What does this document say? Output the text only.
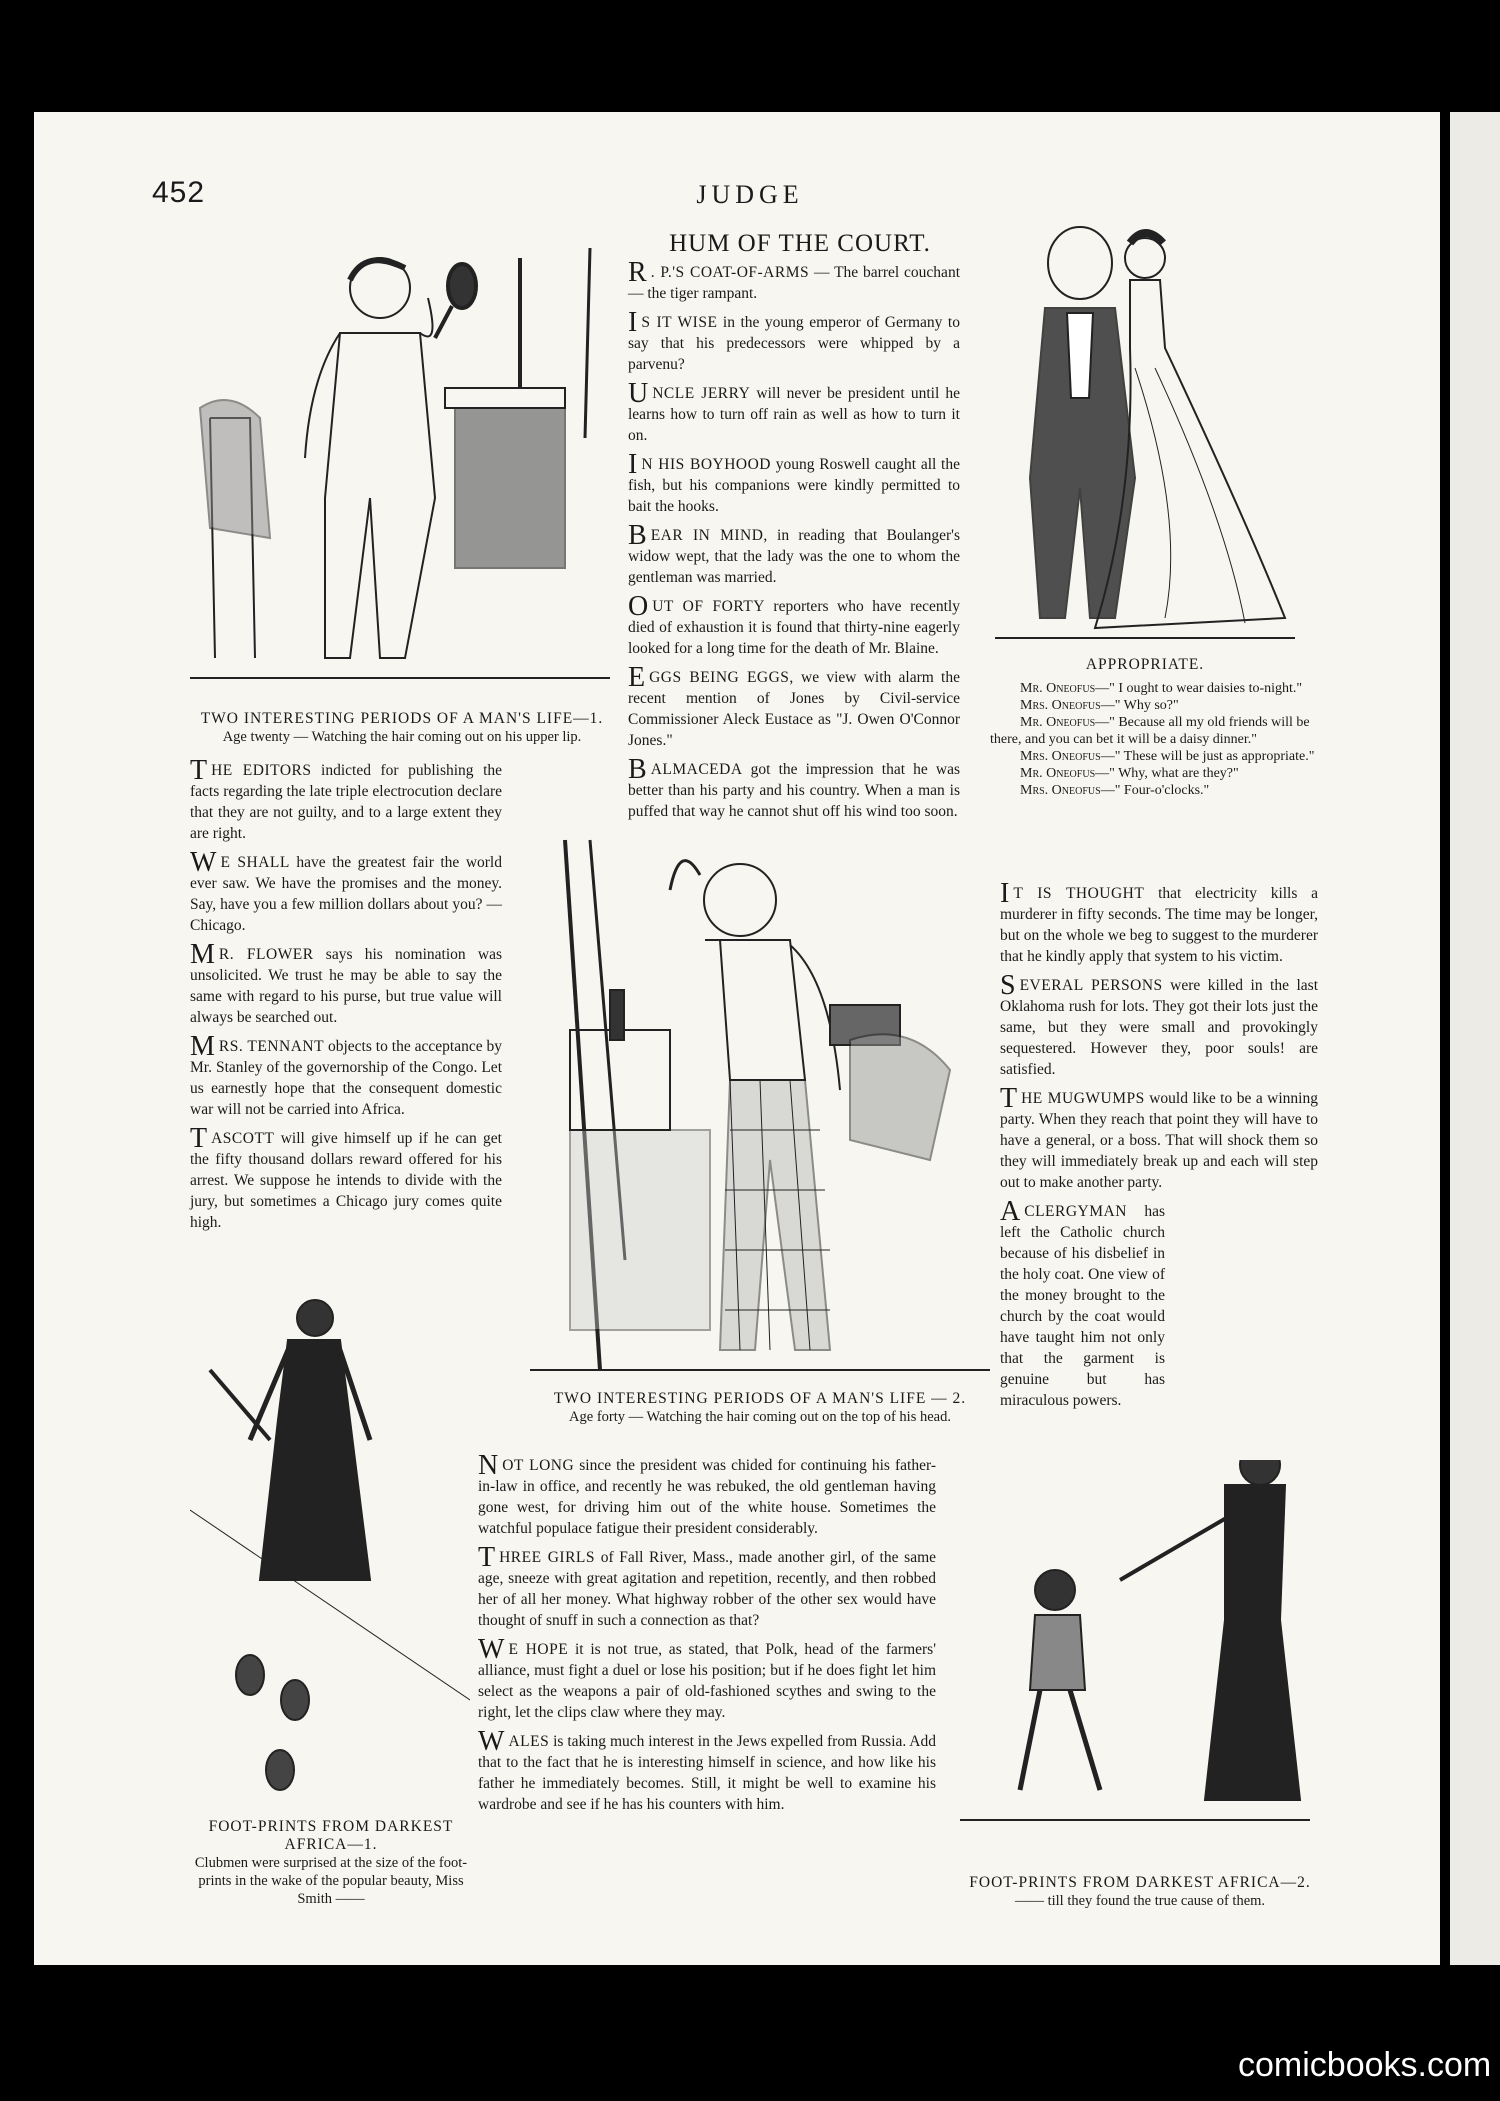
452	JUDGE
HUM OF THE COURT.
TWO INTERESTING PERIODS OF A MAN'S LIFE—1.
Age twenty — Watching the hair coming out on his upper lip.

R . P.'S COAT-OF-ARMS — The barrel couchant — the tiger rampant.

I S IT WISE in the young emperor of Germany to say that his predecessors were whipped by a parvenu?

UNCLE JERRY will never be president until he learns how to turn off rain as well as how to turn it on.

I N HIS BOYHOOD young Roswell caught all the fish, but his companions were kindly permitted to bait the hooks.

BEAR IN MIND, in reading that Boulanger's widow wept, that the lady was the one to whom the gentleman was married.

OUT OF FORTY reporters who have recently died of exhaustion it is found that thirty-nine eagerly looked for a long time for the death of Mr. Blaine.

EGGS BEING EGGS, we view with alarm the recent mention of Jones by Civil-service Commissioner Aleck Eustace as "J. Owen O'Connor Jones."

BALMACEDA got the impression that he was better than his party and his country. When a man is puffed that way he cannot shut off his wind too soon.

APPROPRIATE.
Mr. Oneofus—" I ought to wear daisies to-night."
Mrs. Oneofus—" Why so?"
Mr. Oneofus—" Because all my old friends will be there, and you can bet it will be a daisy dinner."
Mrs. Oneofus—" These will be just as appropriate."
Mr. Oneofus—" Why, what are they?"
Mrs. Oneofus—" Four-o'clocks."

THE EDITORS indicted for publishing the facts regarding the late triple electrocution declare that they are not guilty, and to a large extent they are right.

W E SHALL have the greatest fair the world ever saw. We have the promises and the money. Say, have you a few million dollars about you? — Chicago.

M R. FLOWER says his nomination was unsolicited. We trust he may be able to say the same with regard to his purse, but true value will always be searched out.

MRS. TENNANT objects to the acceptance by Mr. Stanley of the governorship of the Congo. Let us earnestly hope that the consequent domestic war will not be carried into Africa.

TASCOTT will give himself up if he can get the fifty thousand dollars reward offered for his arrest. We suppose he intends to divide with the jury, but sometimes a Chicago jury comes quite high.

TWO INTERESTING PERIODS OF A MAN'S LIFE — 2.
Age forty — Watching the hair coming out on the top of his head.

I T IS THOUGHT that electricity kills a murderer in fifty seconds. The time may be longer, but on the whole we beg to suggest to the murderer that he kindly apply that system to his victim.

SEVERAL PERSONS were killed in the last Oklahoma rush for lots. They got their lots just the same, but they were small and provokingly sequestered. However they, poor souls! are satisfied.

THE MUGWUMPS would like to be a winning party. When they reach that point they will have to have a general, or a boss. That will shock them so they will immediately break up and each will step out to make another party.

A CLERGYMAN has left the Catholic church because of his disbelief in the holy coat. One view of the money brought to the church by the coat would have taught him not only that the garment is genuine but has miraculous powers.

FOOT-PRINTS FROM DARKEST AFRICA—1.
Clubmen were surprised at the size of the foot-prints in the wake of the popular beauty, Miss Smith ——

NOT LONG since the president was chided for continuing his father-in-law in office, and recently he was rebuked, the old gentleman having gone west, for driving him out of the white house. Sometimes the watchful populace fatigue their president considerably.

THREE GIRLS of Fall River, Mass., made another girl, of the same age, sneeze with great agitation and repetition, recently, and then robbed her of all her money. What highway robber of the other sex would have thought of snuff in such a connection as that?

W E HOPE it is not true, as stated, that Polk, head of the farmers' alliance, must fight a duel or lose his position; but if he does fight let him select as the weapons a pair of old-fashioned scythes and swing to the right, let the clips claw where they may.

WALES is taking much interest in the Jews expelled from Russia. Add that to the fact that he is interesting himself in science, and how like his father he immediately becomes. Still, it might be well to examine his wardrobe and see if he has his counters with him.

FOOT-PRINTS FROM DARKEST AFRICA—2.
—— till they found the true cause of them.
comicbooks.com
